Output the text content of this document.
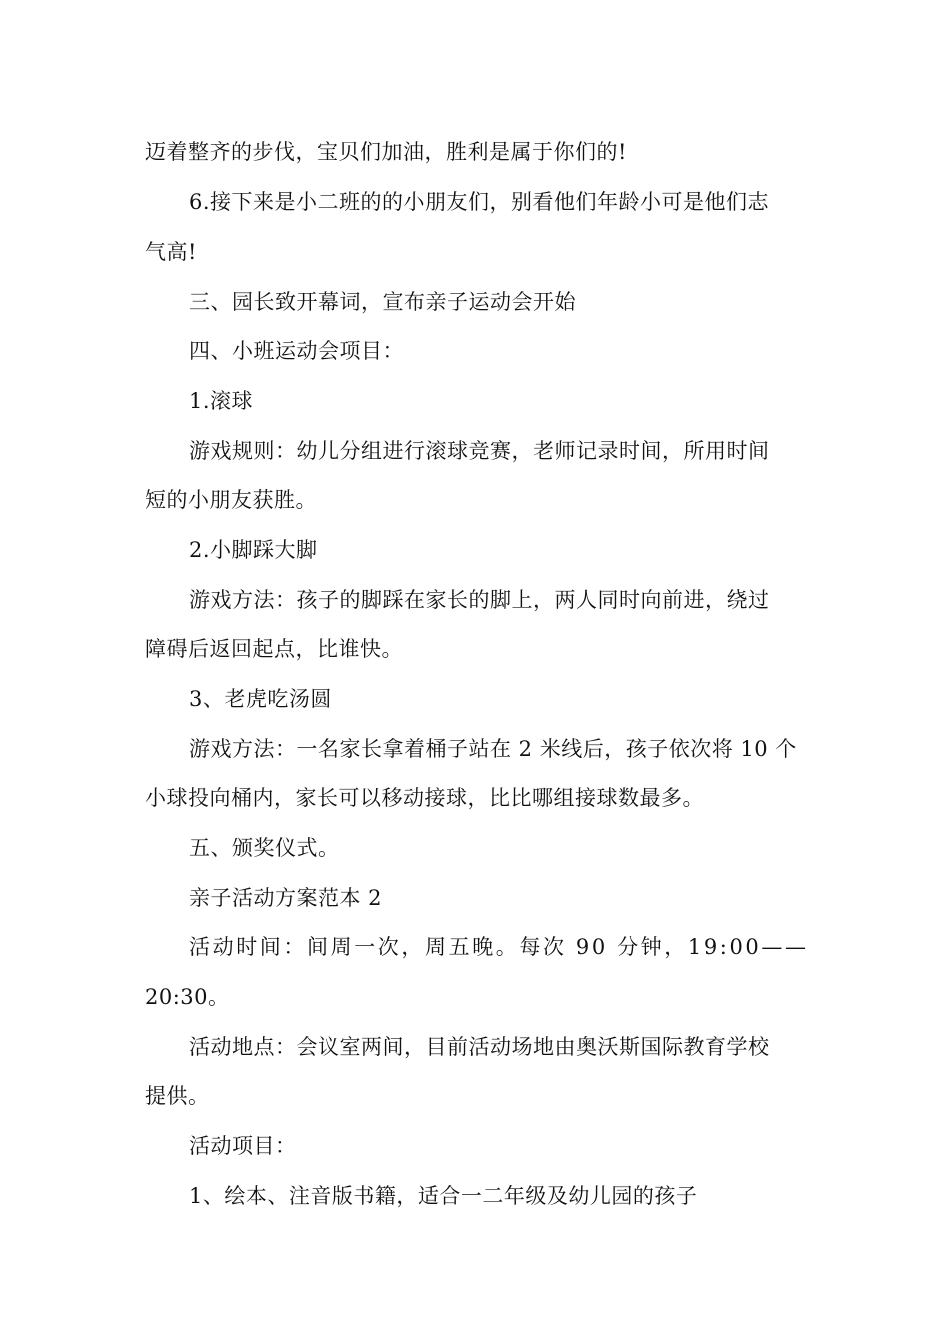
迈着整齐的步伐，宝贝们加油，胜利是属于你们的!
6.接下来是小二班的的小朋友们，别看他们年龄小可是他们志
气高!
三、园长致开幕词，宣布亲子运动会开始
四、小班运动会项目：
1.滚球
游戏规则：幼儿分组进行滚球竞赛，老师记录时间，所用时间
短的小朋友获胜。
2.小脚踩大脚
游戏方法：孩子的脚踩在家长的脚上，两人同时向前进，绕过
障碍后返回起点，比谁快。
3、老虎吃汤圆
游戏方法：一名家长拿着桶子站在 2 米线后，孩子依次将 10 个
小球投向桶内，家长可以移动接球，比比哪组接球数最多。
五、颁奖仪式。
亲子活动方案范本 2
活动时间：间周一次，周五晚。每次 90 分钟，19:00——
20:30。
活动地点：会议室两间，目前活动场地由奥沃斯国际教育学校
提供。
活动项目：
1、绘本、注音版书籍，适合一二年级及幼儿园的孩子
